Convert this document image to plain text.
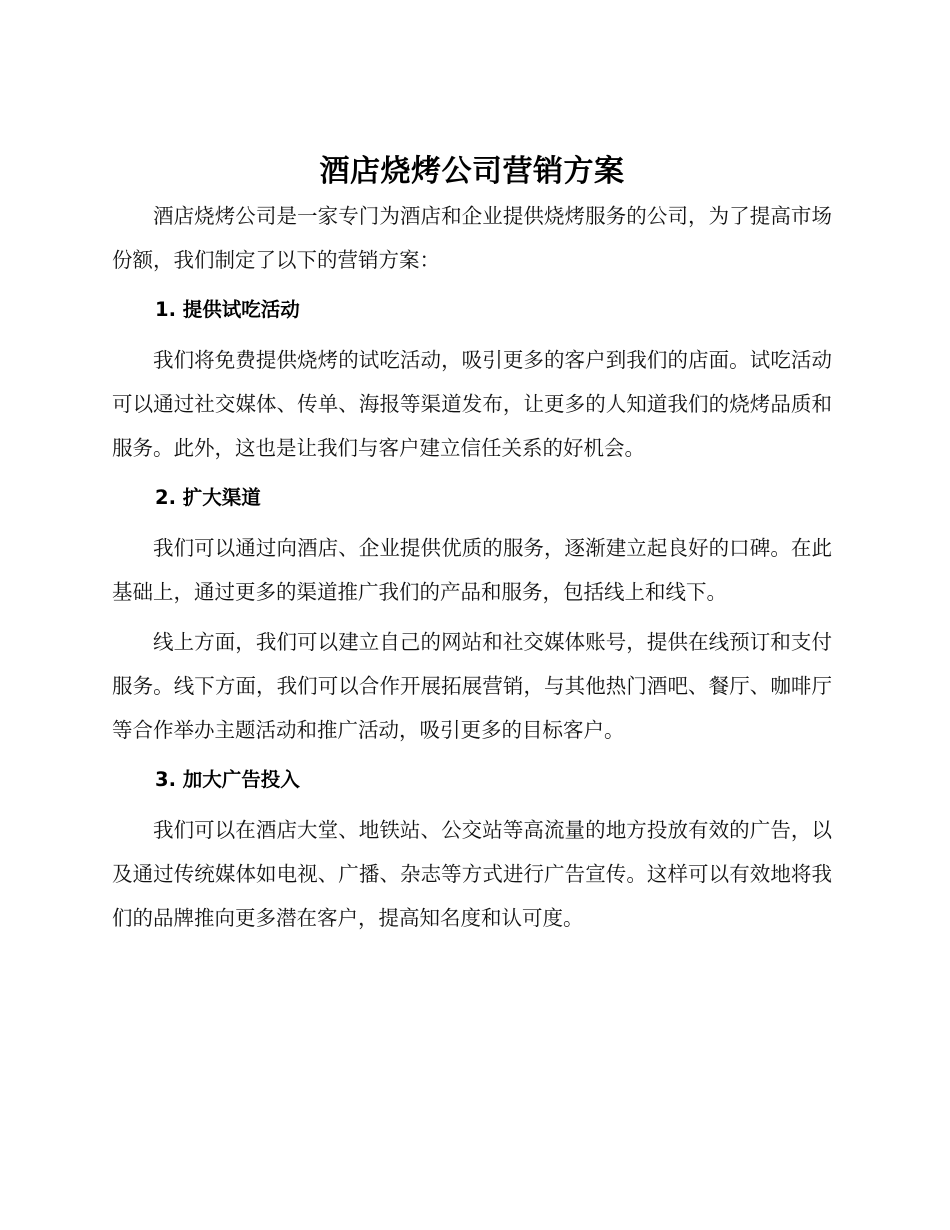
酒店烧烤公司营销方案

酒店烧烤公司是一家专门为酒店和企业提供烧烤服务的公司，为了提高市场份额，我们制定了以下的营销方案：

1. 提供试吃活动

我们将免费提供烧烤的试吃活动，吸引更多的客户到我们的店面。试吃活动可以通过社交媒体、传单、海报等渠道发布，让更多的人知道我们的烧烤品质和服务。此外，这也是让我们与客户建立信任关系的好机会。

2. 扩大渠道

我们可以通过向酒店、企业提供优质的服务，逐渐建立起良好的口碑。在此基础上，通过更多的渠道推广我们的产品和服务，包括线上和线下。

线上方面，我们可以建立自己的网站和社交媒体账号，提供在线预订和支付服务。线下方面，我们可以合作开展拓展营销，与其他热门酒吧、餐厅、咖啡厅等合作举办主题活动和推广活动，吸引更多的目标客户。

3. 加大广告投入

我们可以在酒店大堂、地铁站、公交站等高流量的地方投放有效的广告，以及通过传统媒体如电视、广播、杂志等方式进行广告宣传。这样可以有效地将我们的品牌推向更多潜在客户，提高知名度和认可度。
